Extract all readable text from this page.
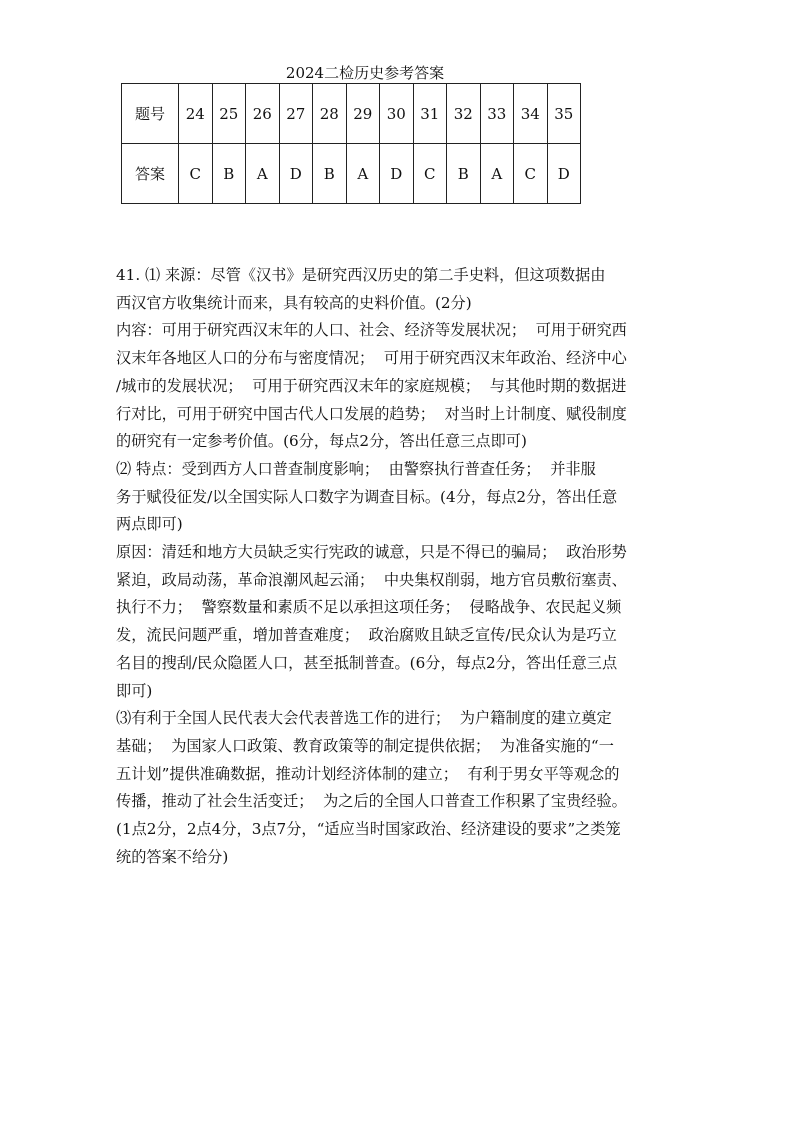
2024二检历史参考答案
题号	24	25	26	27	28	29	30	31	32	33	34	35
答案	C	B	A	D	B	A	D	C	B	A	C	D

41. ⑴ 来源：尽管《汉书》是研究西汉历史的第二手史料，但这项数据由
西汉官方收集统计而来，具有较高的史料价值。(2分)

内容：可用于研究西汉末年的人口、社会、经济等发展状况；  可用于研究西
汉末年各地区人口的分布与密度情况；  可用于研究西汉末年政治、经济中心
/城市的发展状况；  可用于研究西汉末年的家庭规模；  与其他时期的数据进
行对比，可用于研究中国古代人口发展的趋势；  对当时上计制度、赋役制度
的研究有一定参考价值。(6分，每点2分，答出任意三点即可)

⑵ 特点：受到西方人口普查制度影响；  由警察执行普查任务；  并非服
务于赋役征发/以全国实际人口数字为调查目标。(4分，每点2分，答出任意
两点即可)

原因：清廷和地方大员缺乏实行宪政的诚意，只是不得已的骗局；  政治形势
紧迫，政局动荡，革命浪潮风起云涌；  中央集权削弱，地方官员敷衍塞责、
执行不力；  警察数量和素质不足以承担这项任务；  侵略战争、农民起义频
发，流民问题严重，增加普查难度；  政治腐败且缺乏宣传/民众认为是巧立
名目的搜刮/民众隐匿人口，甚至抵制普查。(6分，每点2分，答出任意三点
即可)

⑶有利于全国人民代表大会代表普选工作的进行；  为户籍制度的建立奠定
基础；  为国家人口政策、教育政策等的制定提供依据；  为准备实施的“一
五计划”提供准确数据，推动计划经济体制的建立；  有利于男女平等观念的
传播，推动了社会生活变迁；  为之后的全国人口普查工作积累了宝贵经验。
(1点2分，2点4分，3点7分，“适应当时国家政治、经济建设的要求”之类笼
统的答案不给分)
